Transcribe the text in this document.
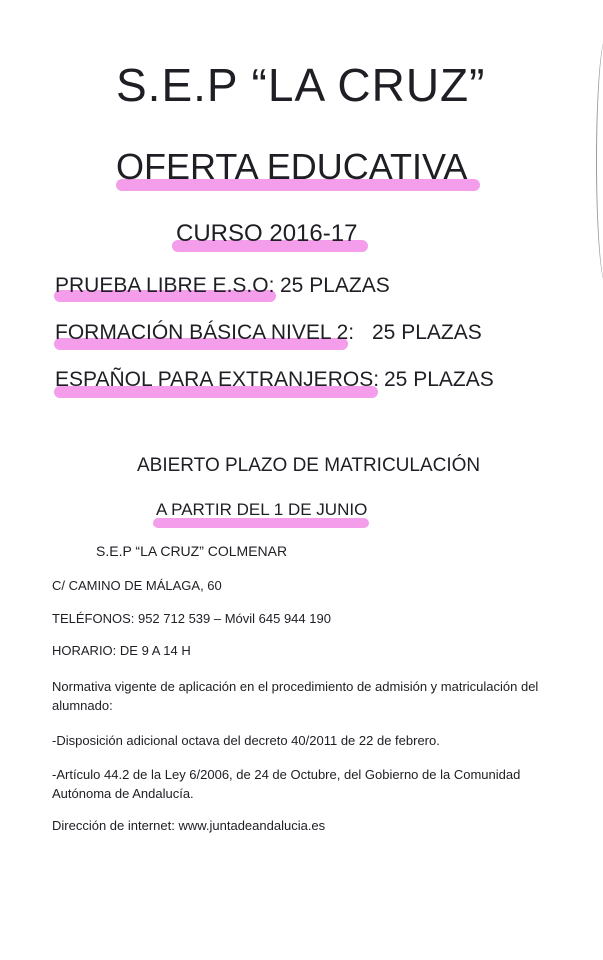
S.E.P “LA CRUZ”
OFERTA EDUCATIVA
CURSO 2016-17
PRUEBA LIBRE E.S.O: 25 PLAZAS
FORMACIÓN BÁSICA NIVEL 2: 25 PLAZAS
ESPAÑOL PARA EXTRANJEROS: 25 PLAZAS
ABIERTO PLAZO DE MATRICULACIÓN
A PARTIR DEL 1 DE JUNIO
S.E.P “LA CRUZ” COLMENAR
C/ CAMINO DE MÁLAGA, 60
TELÉFONOS: 952 712 539 – Móvil 645 944 190
HORARIO: DE 9 A 14 H
Normativa vigente de aplicación en el procedimiento de admisión y matriculación del alumnado:
-Disposición adicional octava del decreto 40/2011 de 22 de febrero.
-Artículo 44.2 de la Ley 6/2006, de 24 de Octubre, del Gobierno de la Comunidad Autónoma de Andalucía.
Dirección de internet: www.juntadeandalucia.es
